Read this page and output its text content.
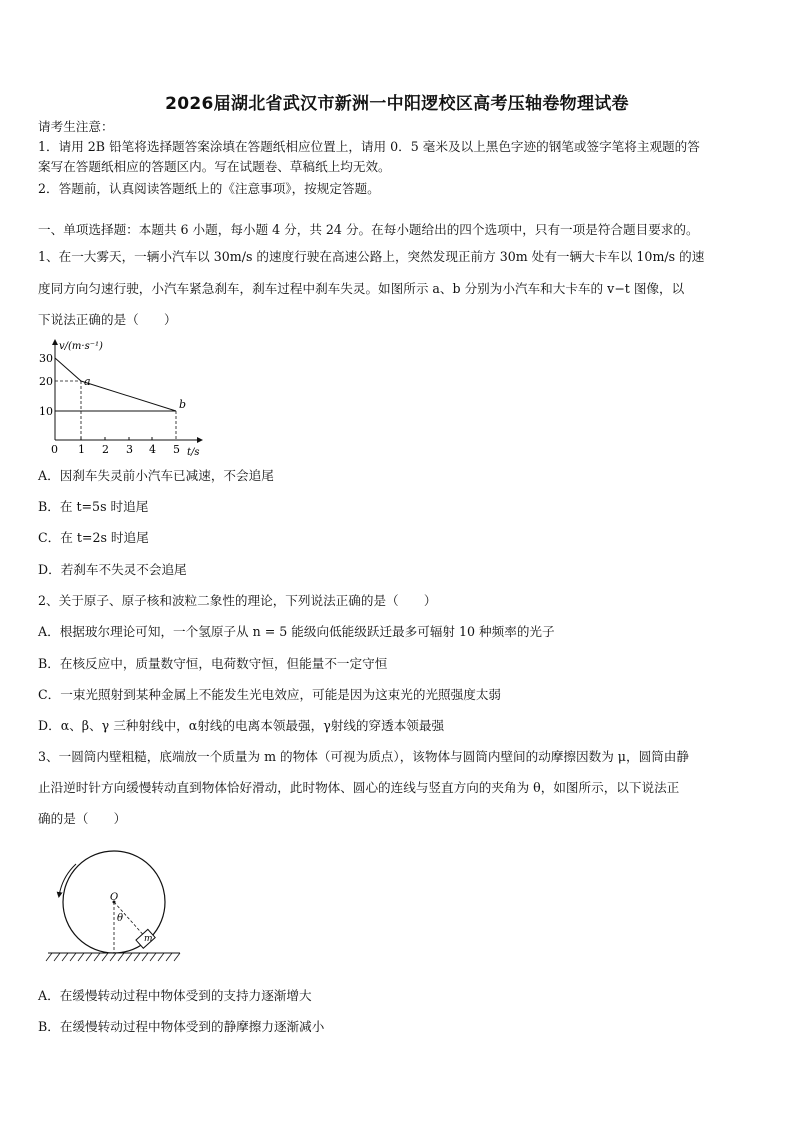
2026届湖北省武汉市新洲一中阳逻校区高考压轴卷物理试卷
请考生注意：
1．请用 2B 铅笔将选择题答案涂填在答题纸相应位置上，请用 0．5 毫米及以上黑色字迹的钢笔或签字笔将主观题的答
案写在答题纸相应的答题区内。写在试题卷、草稿纸上均无效。
2．答题前，认真阅读答题纸上的《注意事项》，按规定答题。
一、单项选择题：本题共 6 小题，每小题 4 分，共 24 分。在每小题给出的四个选项中，只有一项是符合题目要求的。
1、在一大雾天，一辆小汽车以 30m/s 的速度行驶在高速公路上，突然发现正前方 30m 处有一辆大卡车以 10m/s 的速
度同方向匀速行驶，小汽车紧急刹车，刹车过程中刹车失灵。如图所示 a、b 分别为小汽车和大卡车的 v−t 图像，以
下说法正确的是（　　）
v/(m·s⁻¹)
30
20
10
0 1 2 3 4 5 t/s
a
b
A．因刹车失灵前小汽车已减速，不会追尾
B．在 t=5s 时追尾
C．在 t=2s 时追尾
D．若刹车不失灵不会追尾
2、关于原子、原子核和波粒二象性的理论，下列说法正确的是（　　）
A．根据玻尔理论可知，一个氢原子从 n = 5 能级向低能级跃迁最多可辐射 10 种频率的光子
B．在核反应中，质量数守恒，电荷数守恒，但能量不一定守恒
C．一束光照射到某种金属上不能发生光电效应，可能是因为这束光的光照强度太弱
D．α、β、γ 三种射线中，α射线的电离本领最强，γ射线的穿透本领最强
3、一圆筒内壁粗糙，底端放一个质量为 m 的物体（可视为质点），该物体与圆筒内壁间的动摩擦因数为 μ，圆筒由静
止沿逆时针方向缓慢转动直到物体恰好滑动，此时物体、圆心的连线与竖直方向的夹角为 θ，如图所示，以下说法正
确的是（　　）
O
θ
m
A．在缓慢转动过程中物体受到的支持力逐渐增大
B．在缓慢转动过程中物体受到的静摩擦力逐渐减小
